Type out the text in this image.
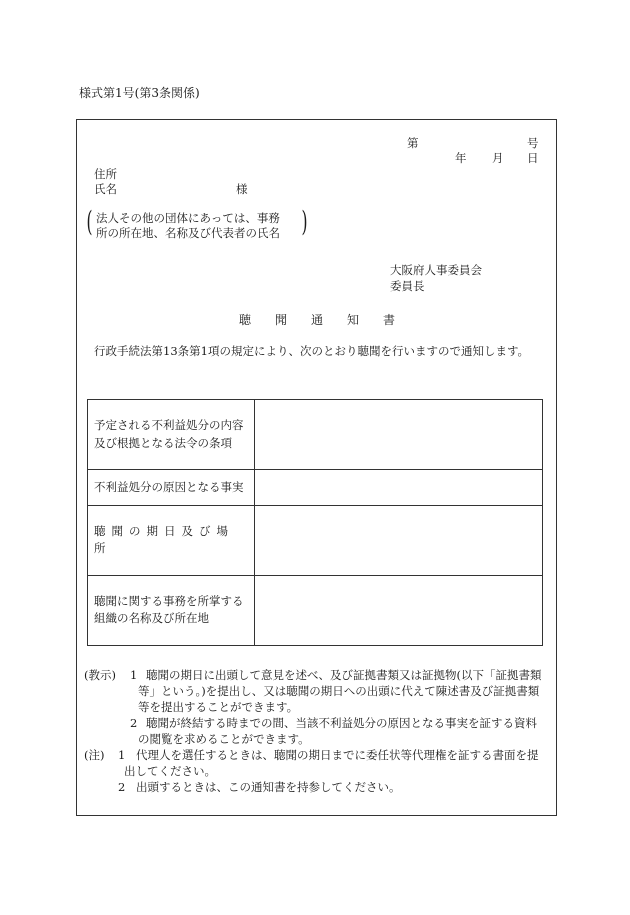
様式第1号(第3条関係)
第	号
年 月 日
住所
氏名	様
( 法人その他の団体にあっては、事務
所の所在地、名称及び代表者の氏名 )
大阪府人事委員会
委員長
聴聞通知書
行政手続法第13条第1項の規定により、次のとおり聴聞を行いますので通知します。
予定される不利益処分の内容
及び根拠となる法令の条項	

不利益処分の原因となる事実	

聴聞の期日及び場所	

聴聞に関する事務を所掌する
組織の名称及び所在地	

(教示) 1 聴聞の期日に出頭して意見を述べ、及び証拠書類又は証拠物(以下「証拠書類
等」という。)を提出し、又は聴聞の期日への出頭に代えて陳述書及び証拠書類
等を提出することができます。
2 聴聞が終結する時までの間、当該不利益処分の原因となる事実を証する資料
の閲覧を求めることができます。
(注) 1 代理人を選任するときは、聴聞の期日までに委任状等代理権を証する書面を提
出してください。
2 出頭するときは、この通知書を持参してください。
